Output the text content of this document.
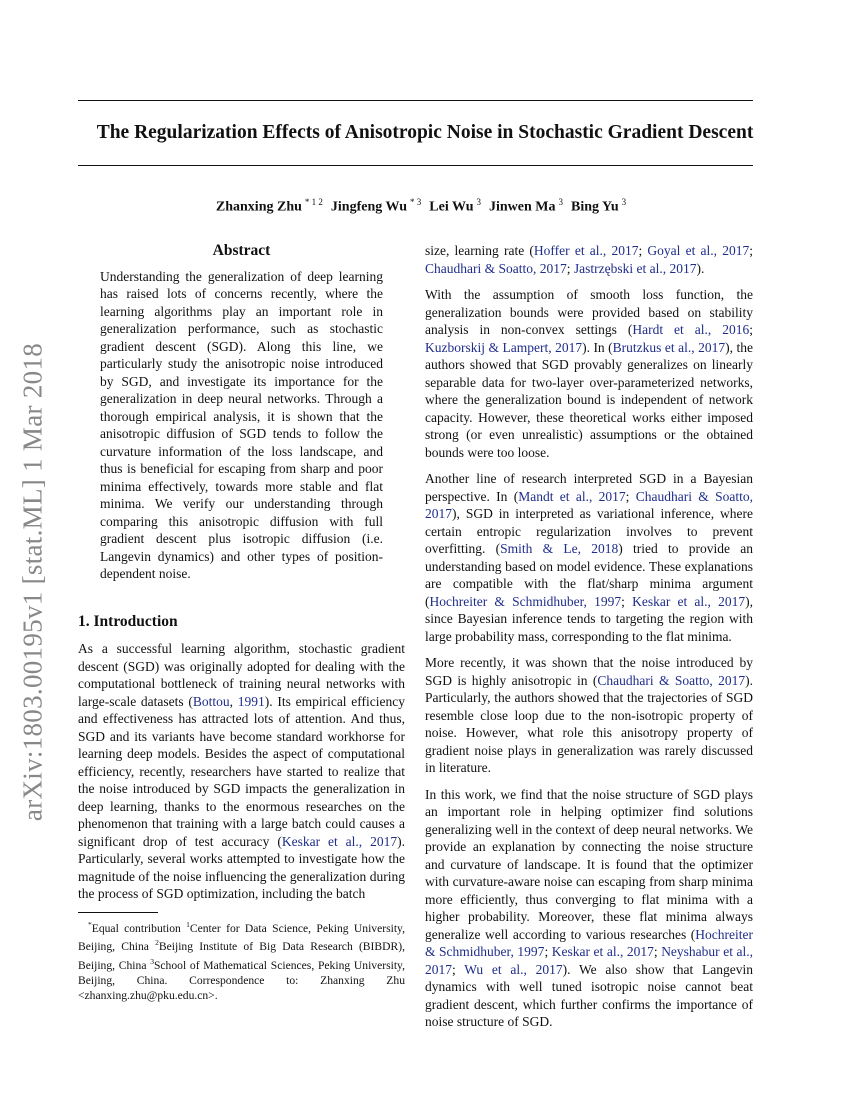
arXiv:1803.00195v1 [stat.ML] 1 Mar 2018
The Regularization Effects of Anisotropic Noise in Stochastic Gradient Descent
Zhanxing Zhu $^{* 1 2}$ Jingfeng Wu $^{* 3}$ Lei Wu $^3$ Jinwen Ma $^3$ Bing Yu $^3$
Abstract
Understanding the generalization of deep learning has raised lots of concerns recently, where the learning algorithms play an important role in generalization performance, such as stochastic gradient descent (SGD). Along this line, we particularly study the anisotropic noise introduced by SGD, and investigate its importance for the generalization in deep neural networks. Through a thorough empirical analysis, it is shown that the anisotropic diffusion of SGD tends to follow the curvature information of the loss landscape, and thus is beneficial for escaping from sharp and poor minima effectively, towards more stable and flat minima. We verify our understanding through comparing this anisotropic diffusion with full gradient descent plus isotropic diffusion (i.e. Langevin dynamics) and other types of position-dependent noise.
1. Introduction

As a successful learning algorithm, stochastic gradient descent (SGD) was originally adopted for dealing with the computational bottleneck of training neural networks with large-scale datasets (Bottou, 1991). Its empirical efficiency and effectiveness has attracted lots of attention. And thus, SGD and its variants have become standard workhorse for learning deep models. Besides the aspect of computational efficiency, recently, researchers have started to realize that the noise introduced by SGD impacts the generalization in deep learning, thanks to the enormous researches on the phenomenon that training with a large batch could causes a significant drop of test accuracy (Keskar et al., 2017). Particularly, several works attempted to investigate how the magnitude of the noise influencing the generalization during the process of SGD optimization, including the batch

*Equal contribution $^1$Center for Data Science, Peking University, Beijing, China $^2$Beijing Institute of Big Data Research (BIBDR), Beijing, China $^3$School of Mathematical Sciences, Peking University, Beijing, China. Correspondence to: Zhanxing Zhu <zhanxing.zhu@pku.edu.cn>.

size, learning rate (Hoffer et al., 2017; Goyal et al., 2017; Chaudhari & Soatto, 2017; Jastrzębski et al., 2017).

With the assumption of smooth loss function, the generalization bounds were provided based on stability analysis in non-convex settings (Hardt et al., 2016; Kuzborskij & Lampert, 2017). In (Brutzkus et al., 2017), the authors showed that SGD provably generalizes on linearly separable data for two-layer over-parameterized networks, where the generalization bound is independent of network capacity. However, these theoretical works either imposed strong (or even unrealistic) assumptions or the obtained bounds were too loose.

Another line of research interpreted SGD in a Bayesian perspective. In (Mandt et al., 2017; Chaudhari & Soatto, 2017), SGD in interpreted as variational inference, where certain entropic regularization involves to prevent overfitting. (Smith & Le, 2018) tried to provide an understanding based on model evidence. These explanations are compatible with the flat/sharp minima argument (Hochreiter & Schmidhuber, 1997; Keskar et al., 2017), since Bayesian inference tends to targeting the region with large probability mass, corresponding to the flat minima.

More recently, it was shown that the noise introduced by SGD is highly anisotropic in (Chaudhari & Soatto, 2017). Particularly, the authors showed that the trajectories of SGD resemble close loop due to the non-isotropic property of noise. However, what role this anisotropy property of gradient noise plays in generalization was rarely discussed in literature.

In this work, we find that the noise structure of SGD plays an important role in helping optimizer find solutions generalizing well in the context of deep neural networks. We provide an explanation by connecting the noise structure and curvature of landscape. It is found that the optimizer with curvature-aware noise can escaping from sharp minima more efficiently, thus converging to flat minima with a higher probability. Moreover, these flat minima always generalize well according to various researches (Hochreiter & Schmidhuber, 1997; Keskar et al., 2017; Neyshabur et al., 2017; Wu et al., 2017). We also show that Langevin dynamics with well tuned isotropic noise cannot beat gradient descent, which further confirms the importance of noise structure of SGD.
